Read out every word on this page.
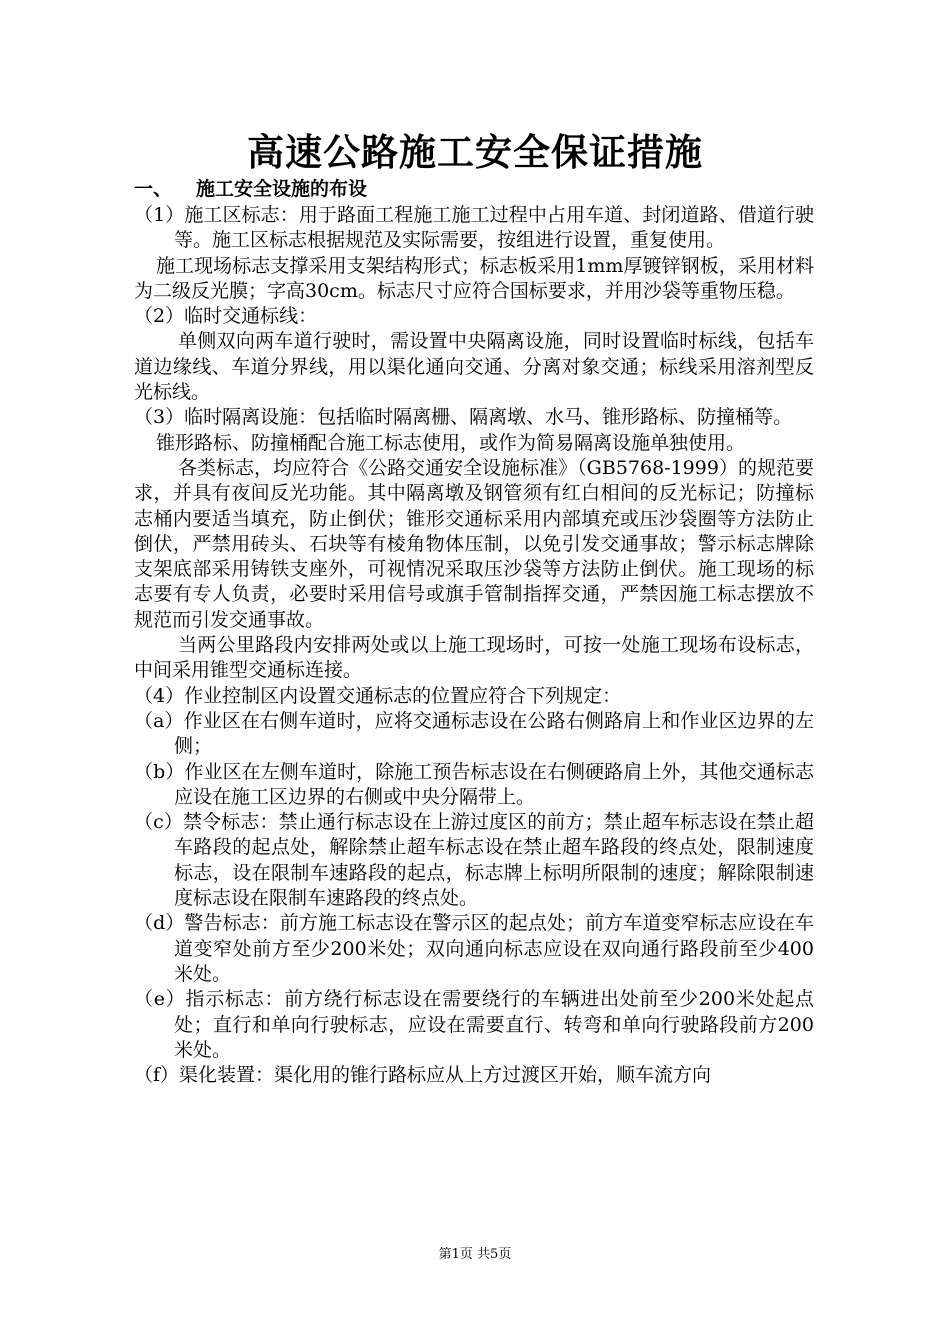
高速公路施工安全保证措施
一、 施工安全设施的布设

（1）施工区标志：用于路面工程施工施工过程中占用车道、封闭道路、借道行驶等。施工区标志根据规范及实际需要，按组进行设置，重复使用。

施工现场标志支撑采用支架结构形式；标志板采用1mm厚镀锌钢板，采用材料为二级反光膜；字高30cm。标志尺寸应符合国标要求，并用沙袋等重物压稳。

（2）临时交通标线：

单侧双向两车道行驶时，需设置中央隔离设施，同时设置临时标线，包括车道边缘线、车道分界线，用以渠化通向交通、分离对象交通；标线采用溶剂型反光标线。

（3）临时隔离设施：包括临时隔离栅、隔离墩、水马、锥形路标、防撞桶等。

锥形路标、防撞桶配合施工标志使用，或作为简易隔离设施单独使用。

各类标志，均应符合《公路交通安全设施标准》（GB5768-1999）的规范要求，并具有夜间反光功能。其中隔离墩及钢管须有红白相间的反光标记；防撞标志桶内要适当填充，防止倒伏；锥形交通标采用内部填充或压沙袋圈等方法防止倒伏，严禁用砖头、石块等有棱角物体压制，以免引发交通事故；警示标志牌除支架底部采用铸铁支座外，可视情况采取压沙袋等方法防止倒伏。施工现场的标志要有专人负责，必要时采用信号或旗手管制指挥交通，严禁因施工标志摆放不规范而引发交通事故。

当两公里路段内安排两处或以上施工现场时，可按一处施工现场布设标志，中间采用锥型交通标连接。

（4）作业控制区内设置交通标志的位置应符合下列规定：

（a）作业区在右侧车道时，应将交通标志设在公路右侧路肩上和作业区边界的左侧；

（b）作业区在左侧车道时，除施工预告标志设在右侧硬路肩上外，其他交通标志应设在施工区边界的右侧或中央分隔带上。

（c）禁令标志：禁止通行标志设在上游过度区的前方；禁止超车标志设在禁止超车路段的起点处，解除禁止超车标志设在禁止超车路段的终点处，限制速度标志，设在限制车速路段的起点，标志牌上标明所限制的速度；解除限制速度标志设在限制车速路段的终点处。

（d）警告标志：前方施工标志设在警示区的起点处；前方车道变窄标志应设在车道变窄处前方至少200米处；双向通向标志应设在双向通行路段前至少400米处。

（e）指示标志：前方绕行标志设在需要绕行的车辆进出处前至少200米处起点处；直行和单向行驶标志，应设在需要直行、转弯和单向行驶路段前方200米处。

（f）渠化装置：渠化用的锥行路标应从上方过渡区开始，顺车流方向

第1页 共5页
